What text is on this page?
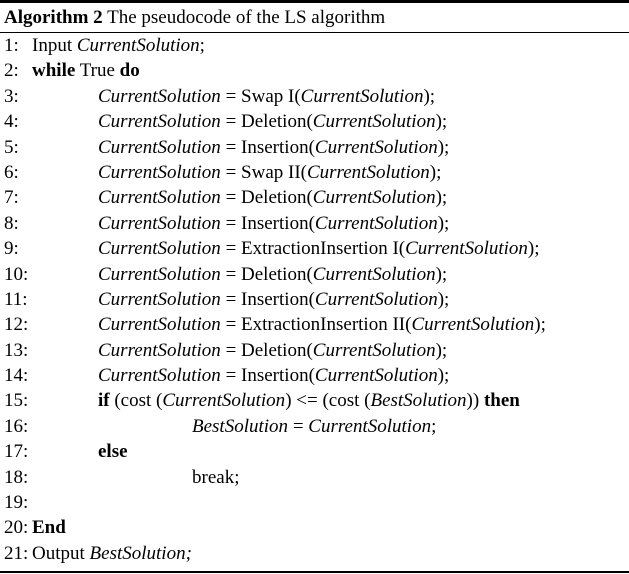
Algorithm 2 The pseudocode of the LS algorithm
1: Input CurrentSolution;
2: while True do
3:	CurrentSolution = Swap I(CurrentSolution);
4:	CurrentSolution = Deletion(CurrentSolution);
5:	CurrentSolution = Insertion(CurrentSolution);
6:	CurrentSolution = Swap II(CurrentSolution);
7:	CurrentSolution = Deletion(CurrentSolution);
8:	CurrentSolution = Insertion(CurrentSolution);
9:	CurrentSolution = ExtractionInsertion I(CurrentSolution);
10:	CurrentSolution = Deletion(CurrentSolution);
11:	CurrentSolution = Insertion(CurrentSolution);
12:	CurrentSolution = ExtractionInsertion II(CurrentSolution);
13:	CurrentSolution = Deletion(CurrentSolution);
14:	CurrentSolution = Insertion(CurrentSolution);
15:	if (cost (CurrentSolution) <= (cost (BestSolution)) then
16:	BestSolution = CurrentSolution;
17:	else
18:	break;
19:
20: End
21: Output BestSolution;
